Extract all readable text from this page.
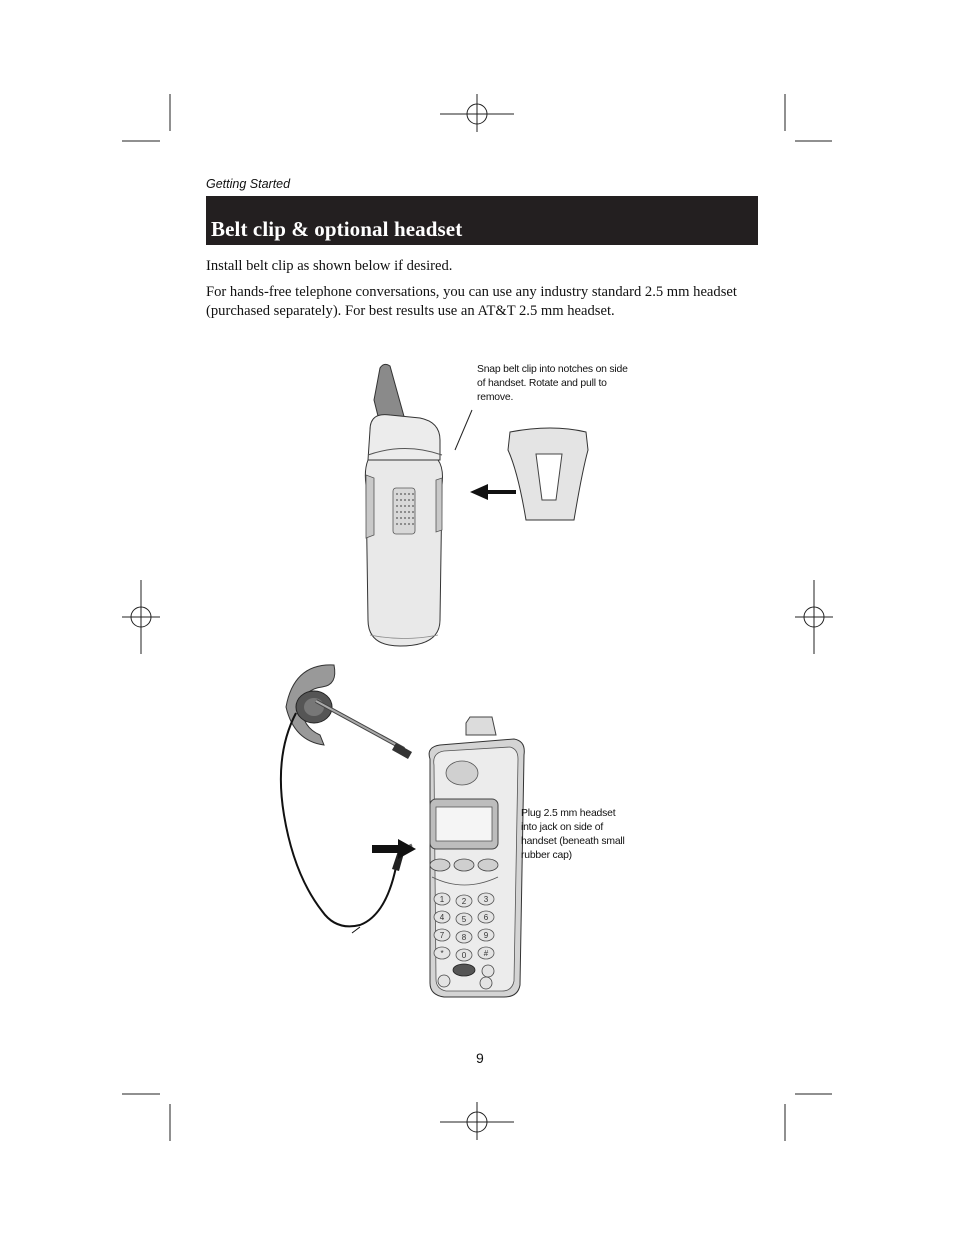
Getting Started
Belt clip & optional headset
Install belt clip as shown below if desired.
For hands-free telephone conversations, you can use any industry standard 2.5 mm headset (purchased separately). For best results use an AT&T 2.5 mm headset.
Snap belt clip into notches on side of handset. Rotate and pull to remove.
1 2 3
4 5 6
7 8 9
* 0 #
Plug 2.5 mm headset into jack on side of handset (beneath small rubber cap)
9
